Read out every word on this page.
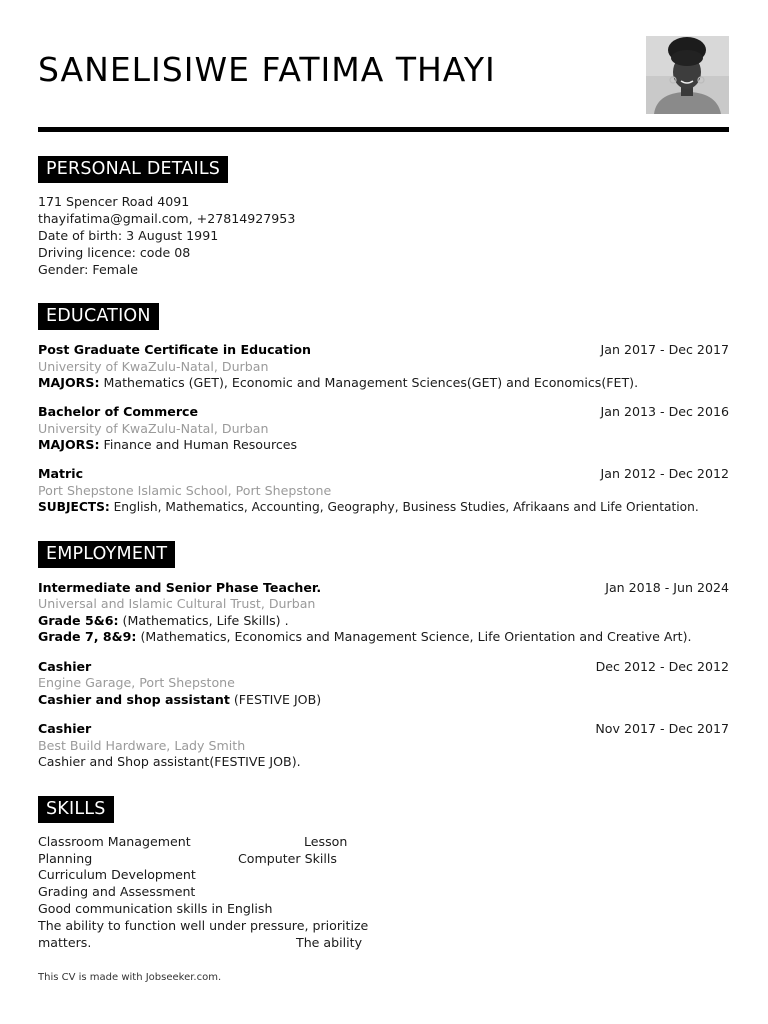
SANELISIWE FATIMA THAYI
PERSONAL DETAILS
171 Spencer Road 4091
thayifatima@gmail.com, +27814927953
Date of birth: 3 August 1991
Driving licence: code 08
Gender: Female
EDUCATION
Post Graduate Certificate in Education	Jan 2017 - Dec 2017
University of KwaZulu-Natal, Durban
MAJORS: Mathematics (GET), Economic and Management Sciences(GET) and Economics(FET).
Bachelor of Commerce	Jan 2013 - Dec 2016
University of KwaZulu-Natal, Durban
MAJORS: Finance and Human Resources
Matric	Jan 2012 - Dec 2012
Port Shepstone Islamic School, Port Shepstone
SUBJECTS: English, Mathematics, Accounting, Geography, Business Studies, Afrikaans and Life Orientation.
EMPLOYMENT
Intermediate and Senior Phase Teacher.	Jan 2018 - Jun 2024
Universal and Islamic Cultural Trust, Durban
Grade 5&6: (Mathematics, Life Skills) .
Grade 7, 8&9: (Mathematics, Economics and Management Science, Life Orientation and Creative Art).
Cashier	Dec 2012 - Dec 2012
Engine Garage, Port Shepstone
Cashier and shop assistant (FESTIVE JOB)
Cashier	Nov 2017 - Dec 2017
Best Build Hardware, Lady Smith
Cashier and Shop assistant(FESTIVE JOB).
SKILLS
Classroom Management	Lesson
Planning	Computer Skills
Curriculum Development
Grading and Assessment
Good communication skills in English
The ability to function well under pressure, prioritize
matters.	The ability
This CV is made with Jobseeker.com.
